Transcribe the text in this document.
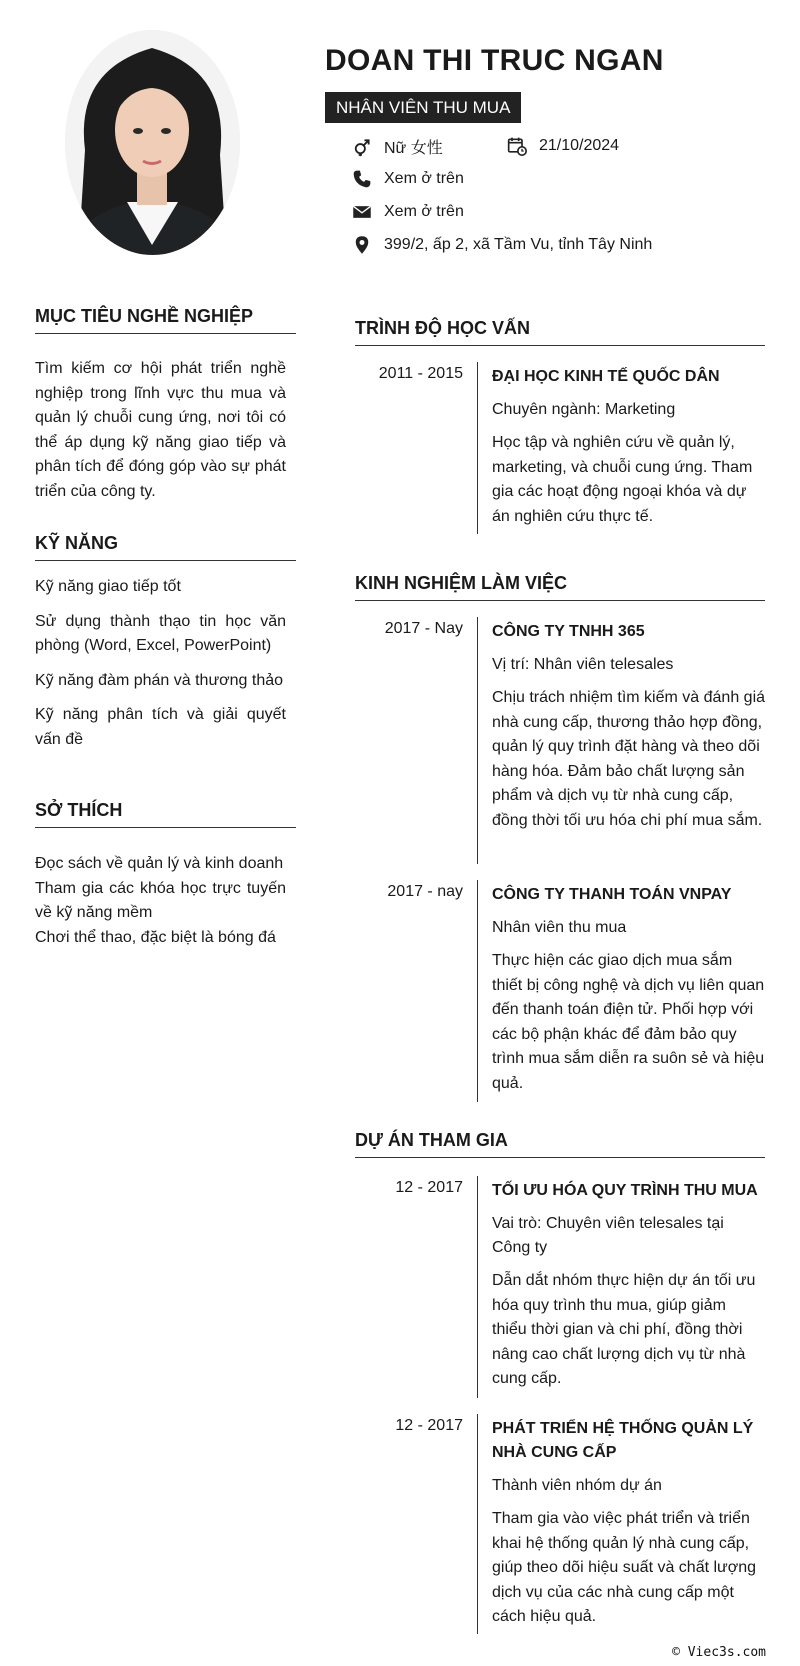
DOAN THI TRUC NGAN
NHÂN VIÊN THU MUA
Nữ 女性	21/10/2024
Xem ở trên
Xem ở trên
399/2, ấp 2, xã Tầm Vu, tỉnh Tây Ninh
MỤC TIÊU NGHỀ NGHIỆP
Tìm kiếm cơ hội phát triển nghề nghiệp trong lĩnh vực thu mua và quản lý chuỗi cung ứng, nơi tôi có thể áp dụng kỹ năng giao tiếp và phân tích để đóng góp vào sự phát triển của công ty.
KỸ NĂNG
Kỹ năng giao tiếp tốt
Sử dụng thành thạo tin học văn phòng (Word, Excel, PowerPoint)
Kỹ năng đàm phán và thương thảo
Kỹ năng phân tích và giải quyết vấn đề
SỞ THÍCH
Đọc sách về quản lý và kinh doanh
Tham gia các khóa học trực tuyến về kỹ năng mềm
Chơi thể thao, đặc biệt là bóng đá
TRÌNH ĐỘ HỌC VẤN
2011 - 2015 ĐẠI HỌC KINH TẾ QUỐC DÂN
Chuyên ngành: Marketing
Học tập và nghiên cứu về quản lý, marketing, và chuỗi cung ứng. Tham gia các hoạt động ngoại khóa và dự án nghiên cứu thực tế.
KINH NGHIỆM LÀM VIỆC
2017 - Nay CÔNG TY TNHH 365
Vị trí: Nhân viên telesales
Chịu trách nhiệm tìm kiếm và đánh giá nhà cung cấp, thương thảo hợp đồng, quản lý quy trình đặt hàng và theo dõi hàng hóa. Đảm bảo chất lượng sản phẩm và dịch vụ từ nhà cung cấp, đồng thời tối ưu hóa chi phí mua sắm.
2017 - nay CÔNG TY THANH TOÁN VNPAY
Nhân viên thu mua
Thực hiện các giao dịch mua sắm thiết bị công nghệ và dịch vụ liên quan đến thanh toán điện tử. Phối hợp với các bộ phận khác để đảm bảo quy trình mua sắm diễn ra suôn sẻ và hiệu quả.
DỰ ÁN THAM GIA
12 - 2017 TỐI ƯU HÓA QUY TRÌNH THU MUA
Vai trò: Chuyên viên telesales tại Công ty
Dẫn dắt nhóm thực hiện dự án tối ưu hóa quy trình thu mua, giúp giảm thiểu thời gian và chi phí, đồng thời nâng cao chất lượng dịch vụ từ nhà cung cấp.
12 - 2017 PHÁT TRIỂN HỆ THỐNG QUẢN LÝ NHÀ CUNG CẤP
Thành viên nhóm dự án
Tham gia vào việc phát triển và triển khai hệ thống quản lý nhà cung cấp, giúp theo dõi hiệu suất và chất lượng dịch vụ của các nhà cung cấp một cách hiệu quả.
© Viec3s.com
